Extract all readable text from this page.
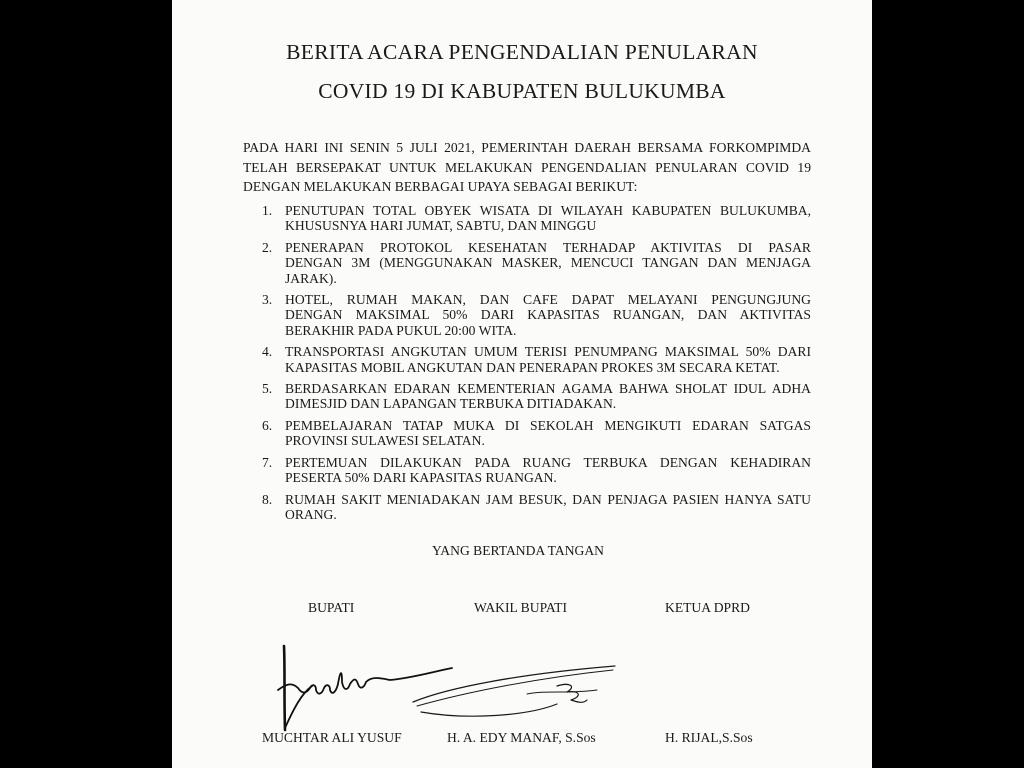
BERITA ACARA PENGENDALIAN PENULARAN
COVID 19 DI KABUPATEN BULUKUMBA
PADA HARI INI SENIN 5 JULI 2021, PEMERINTAH DAERAH BERSAMA FORKOMPIMDA
TELAH BERSEPAKAT UNTUK MELAKUKAN PENGENDALIAN PENULARAN COVID 19
DENGAN MELAKUKAN BERBAGAI UPAYA SEBAGAI BERIKUT:
1. PENUTUPAN TOTAL OBYEK WISATA DI WILAYAH KABUPATEN BULUKUMBA,
KHUSUSNYA HARI JUMAT, SABTU, DAN MINGGU
2. PENERAPAN PROTOKOL KESEHATAN TERHADAP AKTIVITAS DI PASAR
DENGAN 3M (MENGGUNAKAN MASKER, MENCUCI TANGAN DAN MENJAGA
JARAK).
3. HOTEL, RUMAH MAKAN, DAN CAFE DAPAT MELAYANI PENGUNGJUNG
DENGAN MAKSIMAL 50% DARI KAPASITAS RUANGAN, DAN AKTIVITAS
BERAKHIR PADA PUKUL 20:00 WITA.
4. TRANSPORTASI ANGKUTAN UMUM TERISI PENUMPANG MAKSIMAL 50% DARI
KAPASITAS MOBIL ANGKUTAN DAN PENERAPAN PROKES 3M SECARA KETAT.
5. BERDASARKAN EDARAN KEMENTERIAN AGAMA BAHWA SHOLAT IDUL ADHA
DIMESJID DAN LAPANGAN TERBUKA DITIADAKAN.
6. PEMBELAJARAN TATAP MUKA DI SEKOLAH MENGIKUTI EDARAN SATGAS
PROVINSI SULAWESI SELATAN.
7. PERTEMUAN DILAKUKAN PADA RUANG TERBUKA DENGAN KEHADIRAN
PESERTA 50% DARI KAPASITAS RUANGAN.
8. RUMAH SAKIT MENIADAKAN JAM BESUK, DAN PENJAGA PASIEN HANYA SATU
ORANG.
YANG BERTANDA TANGAN
BUPATI	WAKIL BUPATI	KETUA DPRD
MUCHTAR ALI YUSUF	H. A. EDY MANAF, S.Sos	H. RIJAL,S.Sos
